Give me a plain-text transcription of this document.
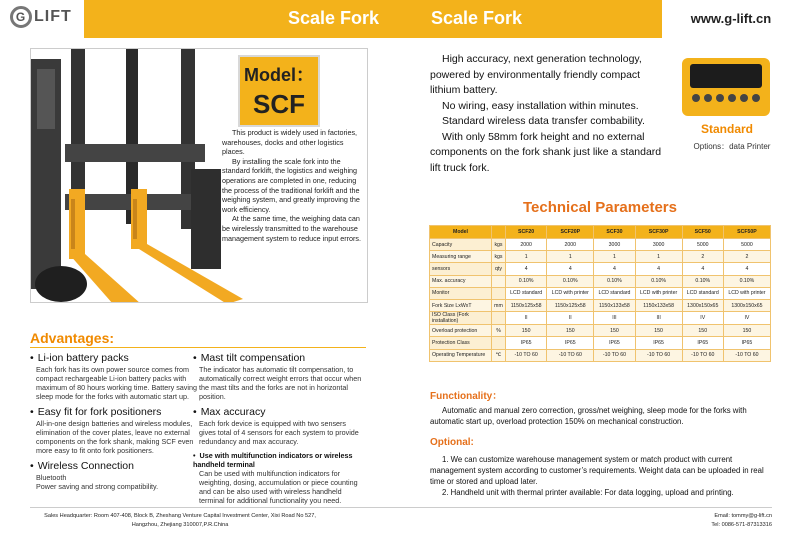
G LIFT	Scale Fork	Scale Fork	www.g-lift.cn
Model：
SCF

This product is widely used in factories, warehouses, docks and other logistics places.

By installing the scale fork into the standard forklift, the logistics and weighing operations are completed in one, reducing the process of the traditional forklift and the weighing system, and greatly improving the work efficiency.

At the same time, the weighing data can be wirelessly transmitted to the warehouse management system to reduce input errors.

Advantages:
• Li-ion battery packs
Each fork has its own power source comes from compact rechargeable Li-ion battery packs with maximum of 80 hours working time. Battery saving sleep mode for the forks with automatic start up.
• Easy fit for fork positioners
All-in-one design batteries and wireless modules, elimination of the cover plates, leave no external components on the fork shank, making SCF even more easy to fit onto fork positioners.
• Wireless Connection
Bluetooth
Power saving and strong compatibility.
• Mast tilt compensation
The indicator has automatic tilt compensation, to automatically correct weight errors that occur when the mast tilts and the forks are not in horizontal position.
• Max accuracy
Each fork device is equipped with two sensers gives total of 4 sensors for each system to provide redundancy and max accuracy.
• Use with multifunction indicators or wireless handheld terminal
Can be used with multifunction indicators for weighting, dosing, accumulation or piece counting and can be also used with wireless handheld terminal for additional functionality you need.

High accuracy, next generation technology, powered by environmentally friendly compact lithium battery.

No wiring, easy installation within minutes.

Standard wireless data transfer combability.

With only 58mm fork height and no external components on the fork shank just like a standard lift truck fork.

Standard
Options：data Printer
Technical Parameters
Model		SCF20	SCF20P	SCF30	SCF30P	SCF50	SCF50P
Capacity	kgs	2000	2000	3000	3000	5000	5000
Measuring range	kgs	1	1	1	1	2	2
sensors	qty	4	4	4	4	4	4
Max. accuracy		0.10%	0.10%	0.10%	0.10%	0.10%	0.10%
Monitor		LCD standard	LCD with printer	LCD standard	LCD with printer	LCD standard	LCD with printer
Fork Size LxWxT	mm	1150x125x58	1150x125x58	1150x133x58	1150x133x58	1300x150x65	1300x150x65
ISO Class (Fork installation)		II	II	III	III	IV	IV
Overload protection	%	150	150	150	150	150	150
Protection Class		IP65	IP65	IP65	IP65	IP65	IP65
Operating Temperature	℃	-10 TO 60	-10 TO 60	-10 TO 60	-10 TO 60	-10 TO 60	-10 TO 60
Functionality：
Automatic and manual zero correction, gross/net weighing, sleep mode for the forks with automatic start up, overload protection 150% on mechanical construction.
Optional:

1. We can customize warehouse management system or match product with current management system according to customer’s requirements. Weight data can be uploaded in real time or stored and upload later.

2. Handheld unit with thermal printer available: For data logging, upload and printing.

Sales Headquarter: Room 407-408, Block B, Zheshang Venture Capital Investment Center, Xixi Road No 527,
Hangzhou, Zhejiang 310007,P.R.China
Email: tommy@g-lift.cn
Tel: 0086-571-87313316
